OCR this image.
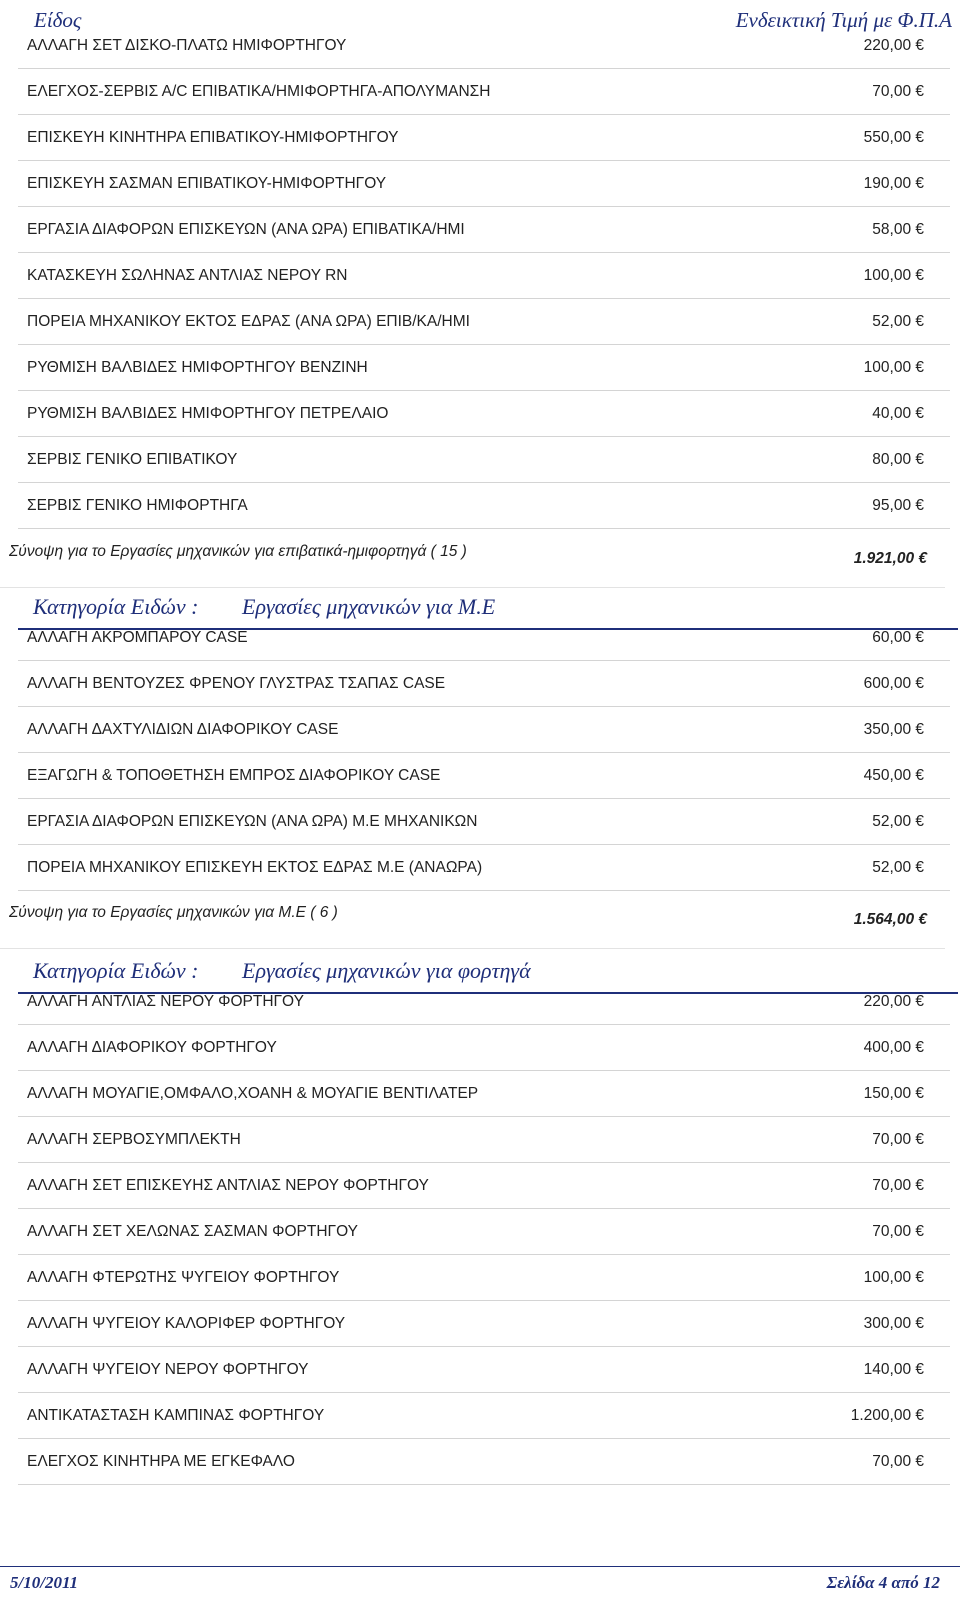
Είδος	Ενδεικτική Τιμή με Φ.Π.Α
ΑΛΛΑΓΗ ΣΕΤ ΔΙΣΚΟ-ΠΛΑΤΩ ΗΜΙΦΟΡΤΗΓΟΥ	220,00 €
ΕΛΕΓΧΟΣ-ΣΕΡΒΙΣ Α/C ΕΠΙΒΑΤΙΚΑ/ΗΜΙΦΟΡΤΗΓΑ-ΑΠΟΛΥΜΑΝΣΗ	70,00 €
ΕΠΙΣΚΕΥΗ ΚΙΝΗΤΗΡΑ ΕΠΙΒΑΤΙΚΟΥ-ΗΜΙΦΟΡΤΗΓΟΥ	550,00 €
ΕΠΙΣΚΕΥΗ ΣΑΣΜΑΝ ΕΠΙΒΑΤΙΚΟΥ-ΗΜΙΦΟΡΤΗΓΟΥ	190,00 €
ΕΡΓΑΣΙΑ ΔΙΑΦΟΡΩΝ ΕΠΙΣΚΕΥΩΝ (ΑΝΑ ΩΡΑ) ΕΠΙΒΑΤΙΚΑ/ΗΜΙ	58,00 €
ΚΑΤΑΣΚΕΥΗ ΣΩΛΗΝΑΣ ΑΝΤΛΙΑΣ ΝΕΡΟΥ RN	100,00 €
ΠΟΡΕΙΑ ΜΗΧΑΝΙΚΟΥ ΕΚΤΟΣ ΕΔΡΑΣ (ΑΝΑ ΩΡΑ) ΕΠΙΒ/ΚΑ/ΗΜΙ	52,00 €
ΡΥΘΜΙΣΗ ΒΑΛΒΙΔΕΣ ΗΜΙΦΟΡΤΗΓΟΥ ΒΕΝΖΙΝΗ	100,00 €
ΡΥΘΜΙΣΗ ΒΑΛΒΙΔΕΣ ΗΜΙΦΟΡΤΗΓΟΥ ΠΕΤΡΕΛΑΙΟ	40,00 €
ΣΕΡΒΙΣ ΓΕΝΙΚΟ ΕΠΙΒΑΤΙΚΟΥ	80,00 €
ΣΕΡΒΙΣ ΓΕΝΙΚΟ ΗΜΙΦΟΡΤΗΓΑ	95,00 €
Σύνοψη για το Εργασίες μηχανικών για επιβατικά-ημιφορτηγά ( 15 )	1.921,00 €
Κατηγορία Ειδών : Εργασίες μηχανικών για Μ.Ε
ΑΛΛΑΓΗ ΑΚΡΟΜΠΑΡΟΥ CASE	60,00 €
ΑΛΛΑΓΗ ΒΕΝΤΟΥΖΕΣ ΦΡΕΝΟΥ ΓΛΥΣΤΡΑΣ ΤΣΑΠΑΣ CASE	600,00 €
ΑΛΛΑΓΗ ΔΑΧΤΥΛΙΔΙΩΝ ΔΙΑΦΟΡΙΚΟΥ CASE	350,00 €
ΕΞΑΓΩΓΗ & ΤΟΠΟΘΕΤΗΣΗ ΕΜΠΡΟΣ ΔΙΑΦΟΡΙΚΟΥ CASE	450,00 €
ΕΡΓΑΣΙΑ ΔΙΑΦΟΡΩΝ ΕΠΙΣΚΕΥΩΝ (ΑΝΑ ΩΡΑ) Μ.Ε ΜΗΧΑΝΙΚΩΝ	52,00 €
ΠΟΡΕΙΑ ΜΗΧΑΝΙΚΟΥ ΕΠΙΣΚΕΥΗ ΕΚΤΟΣ ΕΔΡΑΣ Μ.Ε (ΑΝΑΩΡΑ)	52,00 €
Σύνοψη για το Εργασίες μηχανικών για Μ.Ε ( 6 )	1.564,00 €
Κατηγορία Ειδών : Εργασίες μηχανικών για φορτηγά
ΑΛΛΑΓΗ ΑΝΤΛΙΑΣ ΝΕΡΟΥ ΦΟΡΤΗΓΟΥ	220,00 €
ΑΛΛΑΓΗ ΔΙΑΦΟΡΙΚΟΥ ΦΟΡΤΗΓΟΥ	400,00 €
ΑΛΛΑΓΗ ΜΟΥΑΓΙΕ,ΟΜΦΑΛΟ,ΧΟΑΝΗ & ΜΟΥΑΓΙΕ ΒΕΝΤΙΛΑΤΕΡ	150,00 €
ΑΛΛΑΓΗ ΣΕΡΒΟΣΥΜΠΛΕΚΤΗ	70,00 €
ΑΛΛΑΓΗ ΣΕΤ ΕΠΙΣΚΕΥΗΣ ΑΝΤΛΙΑΣ ΝΕΡΟΥ ΦΟΡΤΗΓΟΥ	70,00 €
ΑΛΛΑΓΗ ΣΕΤ ΧΕΛΩΝΑΣ ΣΑΣΜΑΝ ΦΟΡΤΗΓΟΥ	70,00 €
ΑΛΛΑΓΗ ΦΤΕΡΩΤΗΣ ΨΥΓΕΙΟΥ ΦΟΡΤΗΓΟΥ	100,00 €
ΑΛΛΑΓΗ ΨΥΓΕΙΟΥ ΚΑΛΟΡΙΦΕΡ ΦΟΡΤΗΓΟΥ	300,00 €
ΑΛΛΑΓΗ ΨΥΓΕΙΟΥ ΝΕΡΟΥ ΦΟΡΤΗΓΟΥ	140,00 €
ΑΝΤΙΚΑΤΑΣΤΑΣΗ ΚΑΜΠΙΝΑΣ ΦΟΡΤΗΓΟΥ	1.200,00 €
ΕΛΕΓΧΟΣ ΚΙΝΗΤΗΡΑ ΜΕ ΕΓΚΕΦΑΛΟ	70,00 €
5/10/2011	Σελίδα 4 από 12
